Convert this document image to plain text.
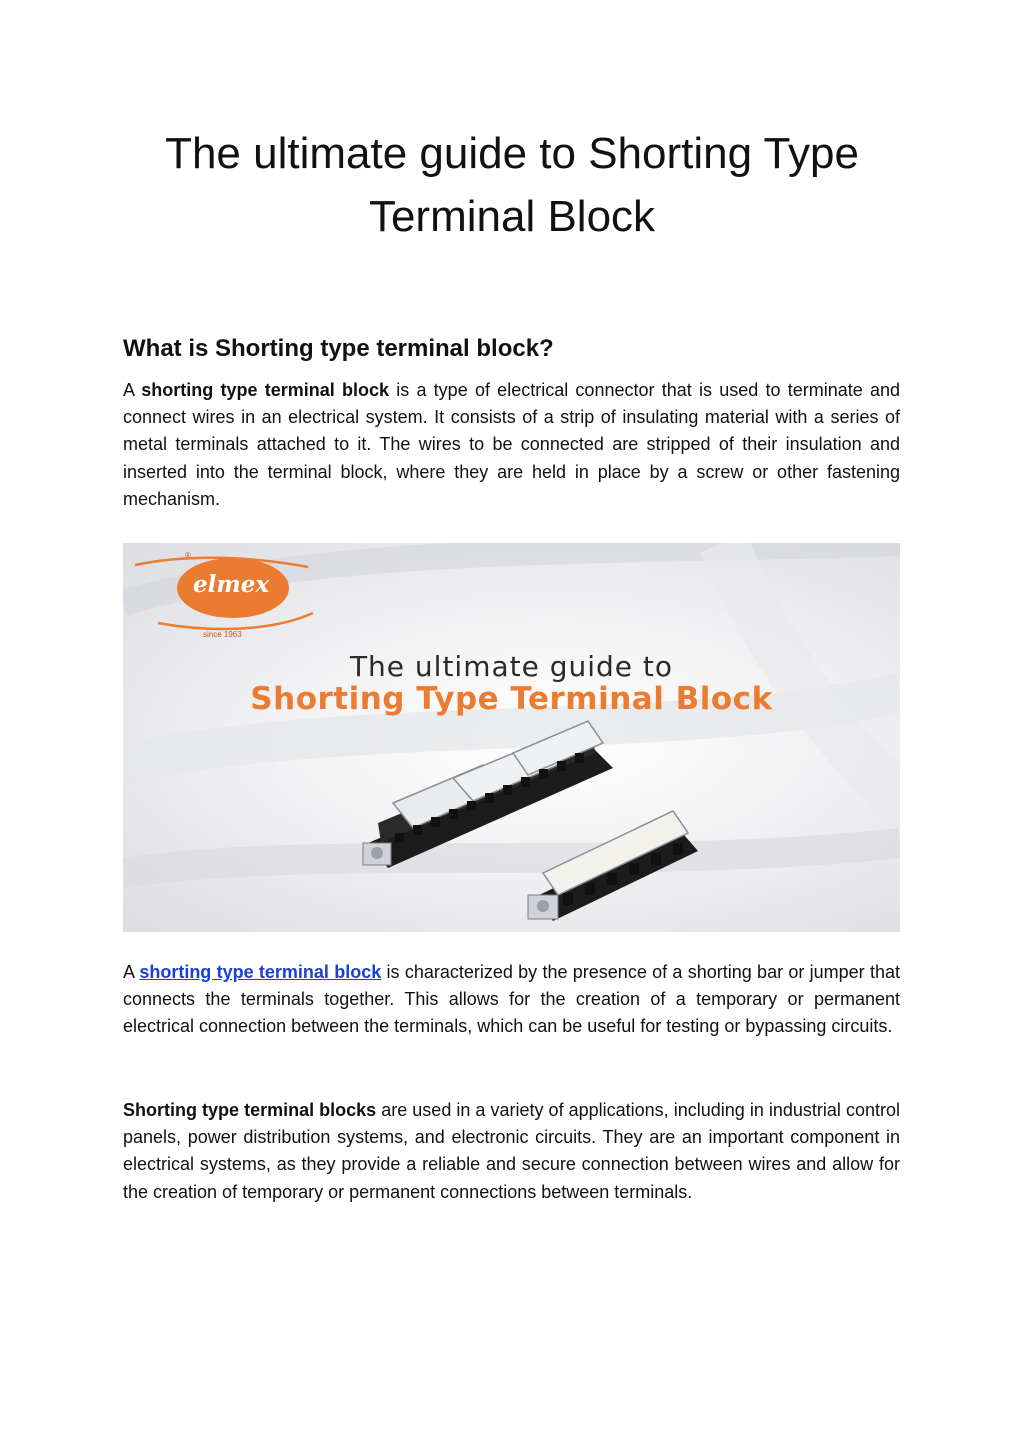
The ultimate guide to Shorting Type Terminal Block
What is Shorting type terminal block?

A shorting type terminal block is a type of electrical connector that is used to terminate and connect wires in an electrical system. It consists of a strip of insulating material with a series of metal terminals attached to it. The wires to be connected are stripped of their insulation and inserted into the terminal block, where they are held in place by a screw or other fastening mechanism.

®
elmex
since 1963
The ultimate guide to
Shorting Type Terminal Block

A shorting type terminal block is characterized by the presence of a shorting bar or jumper that connects the terminals together. This allows for the creation of a temporary or permanent electrical connection between the terminals, which can be useful for testing or bypassing circuits.

Shorting type terminal blocks are used in a variety of applications, including in industrial control panels, power distribution systems, and electronic circuits. They are an important component in electrical systems, as they provide a reliable and secure connection between wires and allow for the creation of temporary or permanent connections between terminals.
